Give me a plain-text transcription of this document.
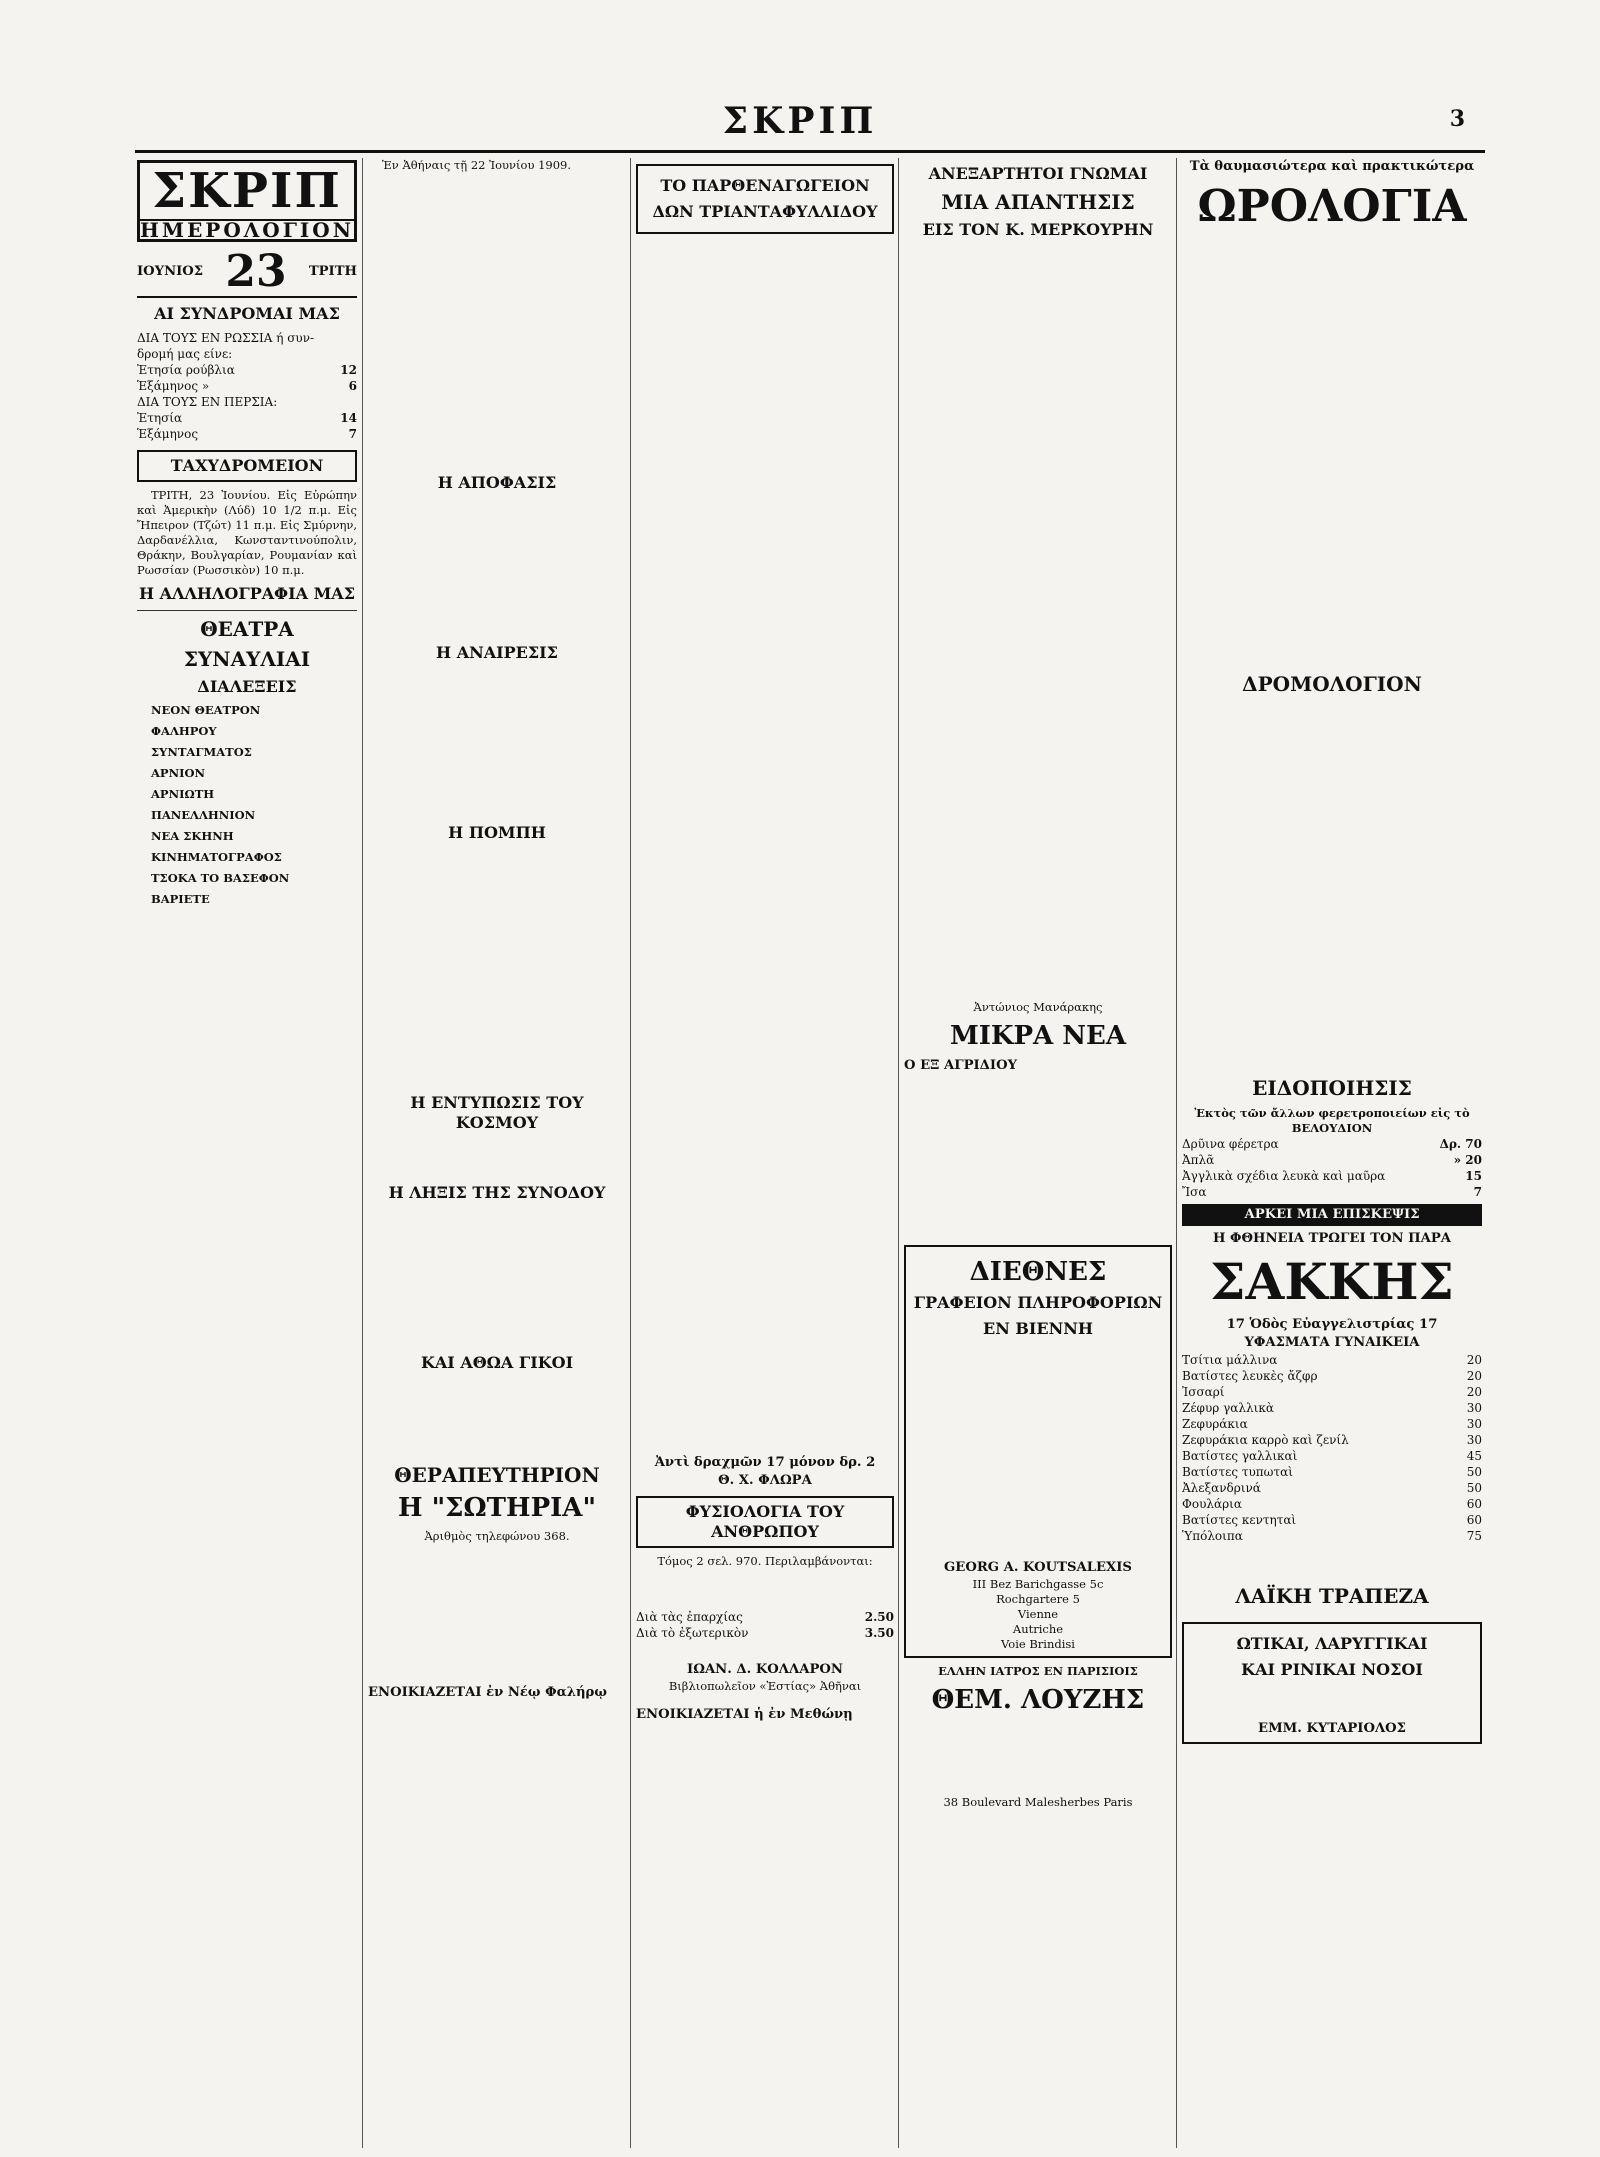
ΣΚΡΙΠ	3
ΣΚΡΙΠ
ΗΜΕΡΟΛΟΓΙΟΝ
ΙΟΥΝΙΟΣ 23 ΤΡΙΤΗ
ΑΙ ΣΥΝΔΡΟΜΑΙ ΜΑΣ
ΔΙΑ ΤΟΥΣ ΕΝ ΡΩΣΣΙΑ ή συν-
δρομή μας είνε:
Ἐτησία ρούβλια	12
Ἑξάμηνος »	6
ΔΙΑ ΤΟΥΣ ΕΝ ΠΕΡΣΙΑ:
Ἐτησία	14
Ἑξάμηνος	7
ΤΑΧΥΔΡΟΜΕΙΟΝ
ΤΡΙΤΗ, 23 Ἰουνίου. Εἰς Εὐρώπην καὶ Ἀμερικὴν (Λύδ) 10 1/2 π.μ. Εἰς Ἤπειρον (Τζώτ) 11 π.μ. Εἰς Σμύρνην, Δαρδανέλλια, Κωνσταντινούπολιν, Θράκην, Βουλγαρίαν, Ρουμανίαν καὶ Ρωσσίαν (Ρωσσικὸν) 10 π.μ.
Η ΑΛΛΗΛΟΓΡΑΦΙΑ ΜΑΣ
ΘΕΑΤΡΑ
ΣΥΝΑΥΛΙΑΙ
ΔΙΑΛΕΞΕΙΣ
ΝΕΟΝ ΘΕΑΤΡΟΝ
ΦΑΛΗΡΟΥ
ΣΥΝΤΑΓΜΑΤΟΣ
ΑΡΝΙΟΝ
ΑΡΝΙΩΤΗ
ΠΑΝΕΛΛΗΝΙΟΝ
ΝΕΑ ΣΚΗΝΗ
ΚΙΝΗΜΑΤΟΓΡΑΦΟΣ
ΤΣΟΚΑ ΤΟ ΒΑΣΕΦΟΝ
ΒΑΡΙΕΤΕ
Ἐν Ἀθήναις τῇ 22 Ἰουνίου 1909.
Η ΑΠΟΦΑΣΙΣ
Η ΑΝΑΙΡΕΣΙΣ
Η ΠΟΜΠΗ
Η ΕΝΤΥΠΩΣΙΣ ΤΟΥ ΚΟΣΜΟΥ
Η ΛΗΞΙΣ ΤΗΣ ΣΥΝΟΔΟΥ
ΚΑΙ ΑΘΩΑ ΓΙΚΟΙ
ΘΕΡΑΠΕΥΤΗΡΙΟΝ
Η "ΣΩΤΗΡΙΑ"
Ἀριθμὸς τηλεφώνου 368.
ΕΝΟΙΚΙΑΖΕΤΑΙ ἐν Νέῳ Φαλήρῳ
ΤΟ ΠΑΡΘΕΝΑΓΩΓΕΙΟΝ
ΔΩΝ ΤΡΙΑΝΤΑΦΥΛΛΙΔΟΥ
Ἀντὶ δραχμῶν 17 μόνον δρ. 2
Θ. Χ. ΦΛΩΡΑ
ΦΥΣΙΟΛΟΓΙΑ ΤΟΥ ΑΝΘΡΩΠΟΥ
Τόμος 2 σελ. 970. Περιλαμβάνονται:
Διὰ τὰς ἐπαρχίας	2.50
Διὰ τὸ ἐξωτερικὸν	3.50
ΙΩΑΝ. Δ. ΚΟΛΛΑΡΟΝ
Βιβλιοπωλεῖον «Ἑστίας» Ἀθῆναι
ΕΝΟΙΚΙΑΖΕΤΑΙ ἡ ἐν Μεθώνῃ
ΑΝΕΞΑΡΤΗΤΟΙ ΓΝΩΜΑΙ
ΜΙΑ ΑΠΑΝΤΗΣΙΣ
ΕΙΣ ΤΟΝ Κ. ΜΕΡΚΟΥΡΗΝ
Ἀντώνιος Μανάρακης
ΜΙΚΡΑ ΝΕΑ
Ο ΕΞ ΑΓΡΙΔΙΟΥ
ΔΙΕΘΝΕΣ
ΓΡΑΦΕΙΟΝ ΠΛΗΡΟΦΟΡΙΩΝ
ΕΝ ΒΙΕΝΝΗ
GEORG A. KOUTSALEXIS
III Bez Barichgasse 5c
Rochgartere 5
Vienne
Autriche
Voie Brindisi
ΕΛΛΗΝ ΙΑΤΡΟΣ ΕΝ ΠΑΡΙΣΙΟΙΣ
ΘΕΜ. ΛΟΥΖΗΣ
38 Boulevard Malesherbes Paris
Τὰ θαυμασιώτερα καὶ πρακτικώτερα
ΩΡΟΛΟΓΙΑ
ΔΡΟΜΟΛΟΓΙΟΝ
ΕΙΔΟΠΟΙΗΣΙΣ
Ἐκτὸς τῶν ἄλλων φερετροποιείων εἰς τὸ ΒΕΛΟΥΔΙΟΝ
Δρῦινα φέρετρα	Δρ. 70
Ἀπλᾶ	» 20
Ἀγγλικὰ σχέδια λευκὰ καὶ μαῦρα	15
Ἴσα	7
ΑΡΚΕΙ ΜΙΑ ΕΠΙΣΚΕΨΙΣ
Η ΦΘΗΝΕΙΑ ΤΡΩΓΕΙ ΤΟΝ ΠΑΡΑ
ΣΑΚΚΗΣ
17 Ὁδὸς Εὐαγγελιστρίας 17
ΥΦΑΣΜΑΤΑ ΓΥΝΑΙΚΕΙΑ
Τσίτια μάλλινα	20
Βατίστες λευκὲς ἄζφρ	20
Ἰσσαρί	20
Ζέφυρ γαλλικὰ	30
Ζεφυράκια	30
Ζεφυράκια καρρὸ καὶ ζενίλ	30
Βατίστες γαλλικαὶ	45
Βατίστες τυπωταὶ	50
Ἀλεξανδρινά	50
Φουλάρια	60
Βατίστες κεντηταὶ	60
Ὑπόλοιπα	75
ΛΑΪΚΗ ΤΡΑΠΕΖΑ
ΩΤΙΚΑΙ, ΛΑΡΥΓΓΙΚΑΙ
ΚΑΙ ΡΙΝΙΚΑΙ ΝΟΣΟΙ
ΕΜΜ. ΚΥΤΑΡΙΟΛΟΣ
